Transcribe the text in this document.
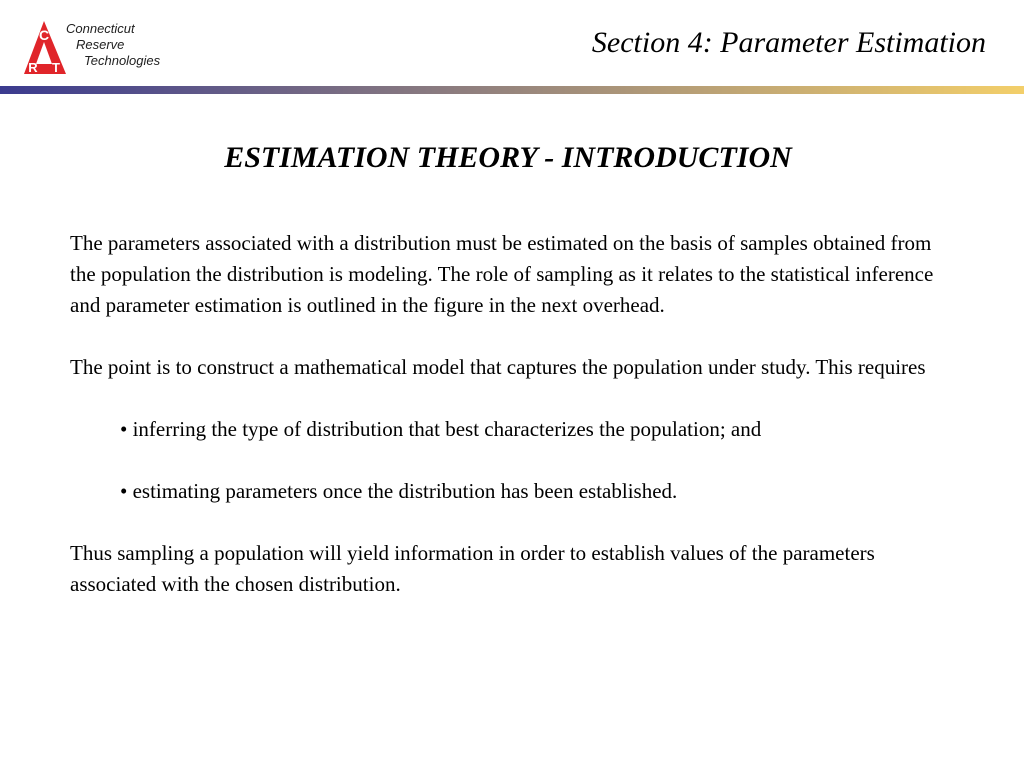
C
R T
Connecticut
Reserve
Technologies
Section 4: Parameter Estimation
ESTIMATION THEORY - INTRODUCTION

The parameters associated with a distribution must be estimated on the basis of samples obtained from the population the distribution is modeling. The role of sampling as it relates to the statistical inference and parameter estimation is outlined in the figure in the next overhead.

The point is to construct a mathematical model that captures the population under study. This requires

• inferring the type of distribution that best characterizes the population; and

• estimating parameters once the distribution has been established.

Thus sampling a population will yield information in order to establish values of the parameters associated with the chosen distribution.
